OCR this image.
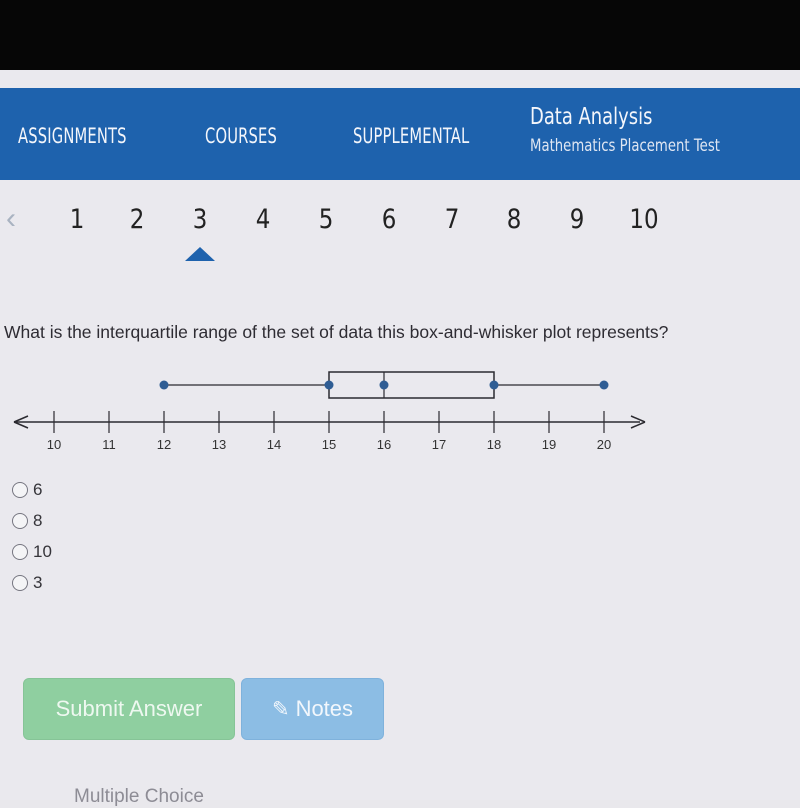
ASSIGNMENTS	COURSES	SUPPLEMENTAL
Data Analysis
Mathematics Placement Test
‹	1	2	3	4	5	6	7	8	9	10
What is the interquartile range of the set of data this box-and-whisker plot represents?
10	11	12	13	14	15	16	17	18	19	20
6
8
10
3
Submit Answer	✎ Notes
Multiple Choice
